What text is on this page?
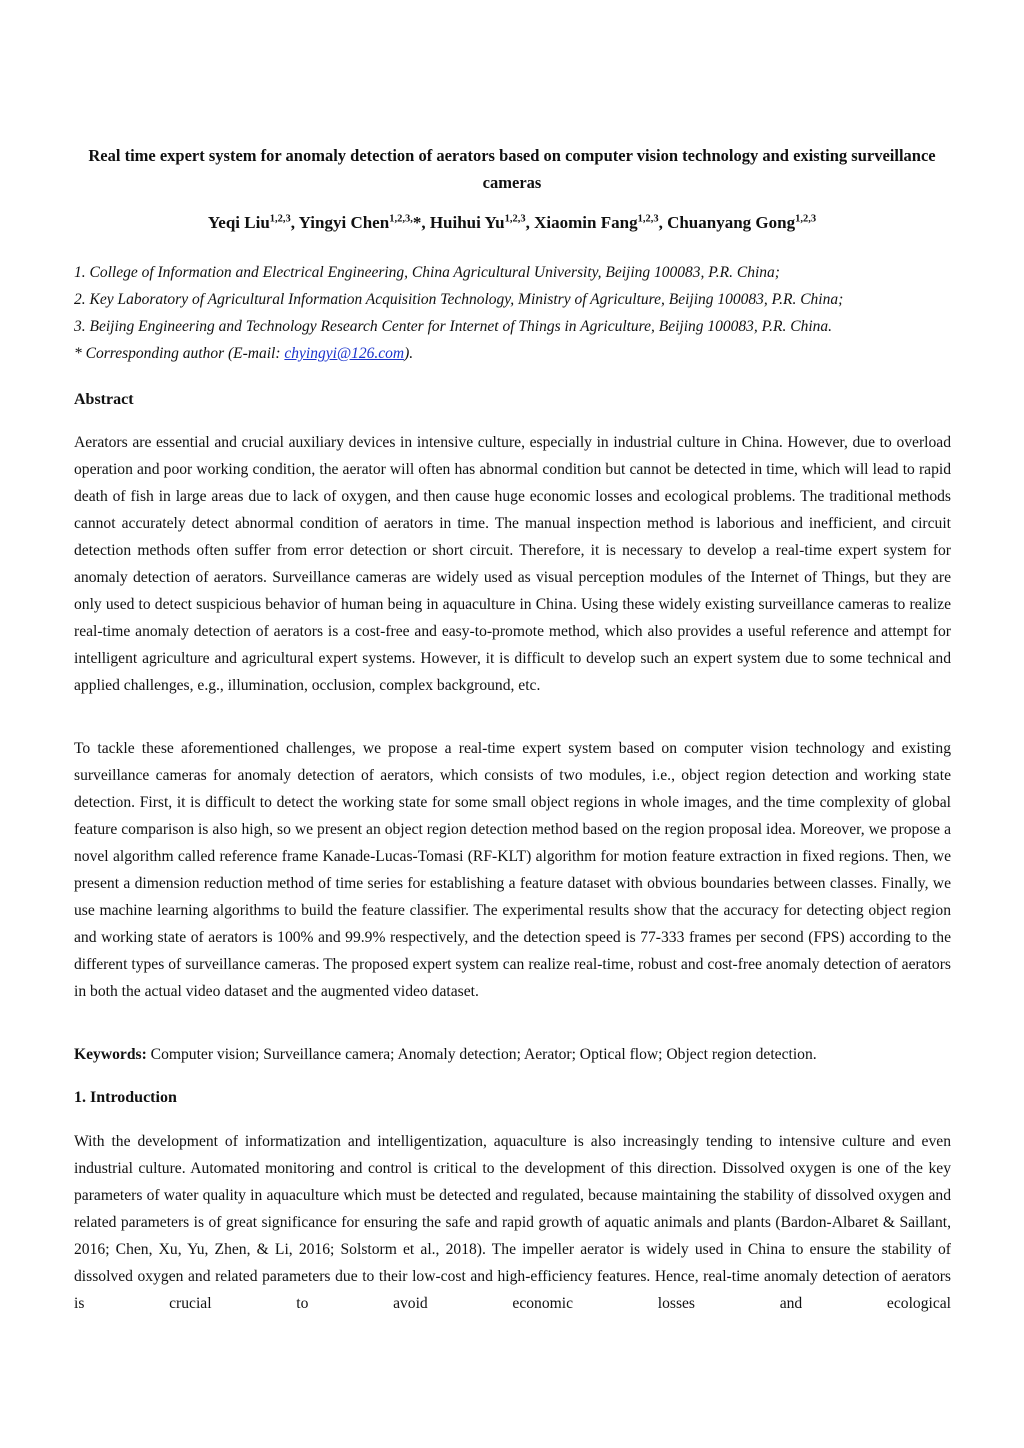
Real time expert system for anomaly detection of aerators based on computer vision technology and existing surveillance cameras
Yeqi Liu$^{1,2,3}$, Yingyi Chen$^{1,2,3,}$*, Huihui Yu$^{1,2,3}$, Xiaomin Fang$^{1,2,3}$, Chuanyang Gong$^{1,2,3}$
1. College of Information and Electrical Engineering, China Agricultural University, Beijing 100083, P.R. China;
2. Key Laboratory of Agricultural Information Acquisition Technology, Ministry of Agriculture, Beijing 100083, P.R. China;
3. Beijing Engineering and Technology Research Center for Internet of Things in Agriculture, Beijing 100083, P.R. China.
* Corresponding author (E-mail: chyingyi@126.com).
Abstract
Aerators are essential and crucial auxiliary devices in intensive culture, especially in industrial culture in China. However, due to overload operation and poor working condition, the aerator will often has abnormal condition but cannot be detected in time, which will lead to rapid death of fish in large areas due to lack of oxygen, and then cause huge economic losses and ecological problems. The traditional methods cannot accurately detect abnormal condition of aerators in time. The manual inspection method is laborious and inefficient, and circuit detection methods often suffer from error detection or short circuit. Therefore, it is necessary to develop a real-time expert system for anomaly detection of aerators. Surveillance cameras are widely used as visual perception modules of the Internet of Things, but they are only used to detect suspicious behavior of human being in aquaculture in China. Using these widely existing surveillance cameras to realize real-time anomaly detection of aerators is a cost-free and easy-to-promote method, which also provides a useful reference and attempt for intelligent agriculture and agricultural expert systems. However, it is difficult to develop such an expert system due to some technical and applied challenges, e.g., illumination, occlusion, complex background, etc.
To tackle these aforementioned challenges, we propose a real-time expert system based on computer vision technology and existing surveillance cameras for anomaly detection of aerators, which consists of two modules, i.e., object region detection and working state detection. First, it is difficult to detect the working state for some small object regions in whole images, and the time complexity of global feature comparison is also high, so we present an object region detection method based on the region proposal idea. Moreover, we propose a novel algorithm called reference frame Kanade-Lucas-Tomasi (RF-KLT) algorithm for motion feature extraction in fixed regions. Then, we present a dimension reduction method of time series for establishing a feature dataset with obvious boundaries between classes. Finally, we use machine learning algorithms to build the feature classifier. The experimental results show that the accuracy for detecting object region and working state of aerators is 100% and 99.9% respectively, and the detection speed is 77-333 frames per second (FPS) according to the different types of surveillance cameras. The proposed expert system can realize real-time, robust and cost-free anomaly detection of aerators in both the actual video dataset and the augmented video dataset.
Keywords: Computer vision; Surveillance camera; Anomaly detection; Aerator; Optical flow; Object region detection.
1. Introduction
With the development of informatization and intelligentization, aquaculture is also increasingly tending to intensive culture and even industrial culture. Automated monitoring and control is critical to the development of this direction. Dissolved oxygen is one of the key parameters of water quality in aquaculture which must be detected and regulated, because maintaining the stability of dissolved oxygen and related parameters is of great significance for ensuring the safe and rapid growth of aquatic animals and plants (Bardon-Albaret & Saillant, 2016; Chen, Xu, Yu, Zhen, & Li, 2016; Solstorm et al., 2018). The impeller aerator is widely used in China to ensure the stability of dissolved oxygen and related parameters due to their low-cost and high-efficiency features. Hence, real-time anomaly detection of aerators is crucial to avoid economic losses and ecological
